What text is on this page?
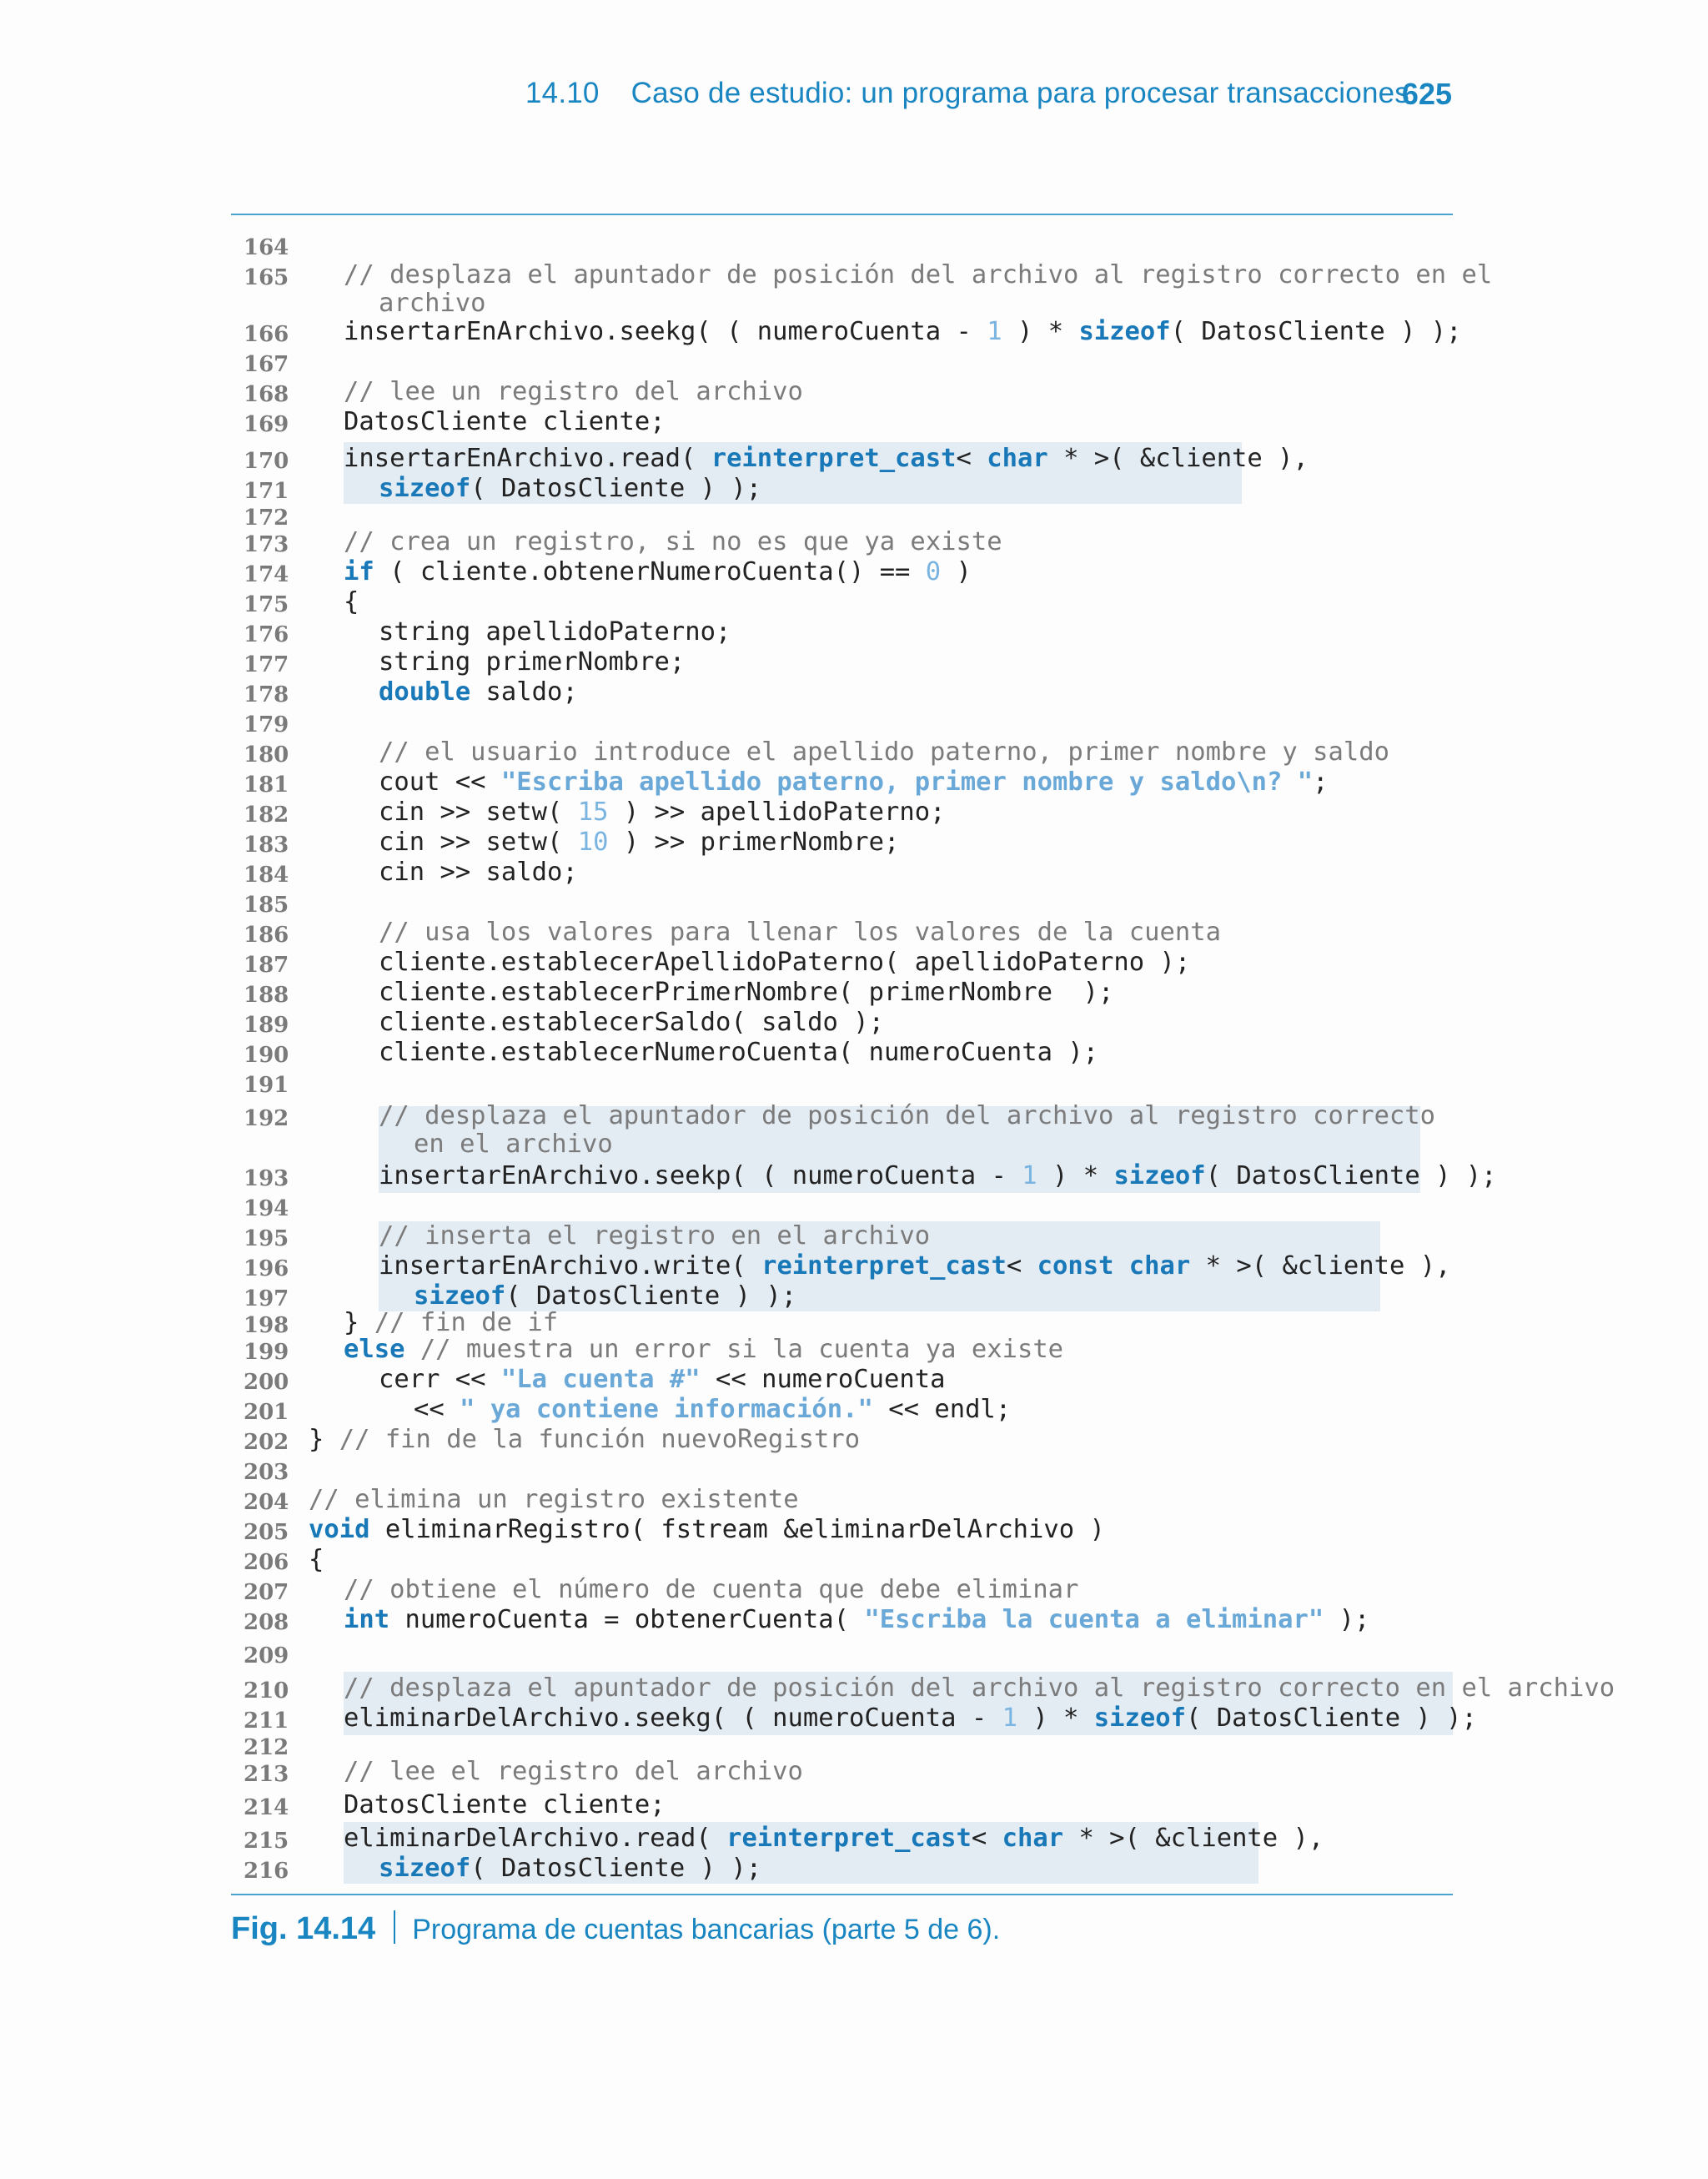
14.10 Caso de estudio: un programa para procesar transacciones
625
164
165 // desplaza el apuntador de posición del archivo al registro correcto en el
archivo
166 insertarEnArchivo.seekg( ( numeroCuenta - 1 ) * sizeof( DatosCliente ) );
167
168 // lee un registro del archivo
169 DatosCliente cliente;
170 insertarEnArchivo.read( reinterpret_cast< char * >( &cliente ),
171	sizeof( DatosCliente ) );
172
173 // crea un registro, si no es que ya existe
174 if ( cliente.obtenerNumeroCuenta() == 0 )
175 {
176	string apellidoPaterno;
177	string primerNombre;
178	double saldo;
179
180	// el usuario introduce el apellido paterno, primer nombre y saldo
181	cout << "Escriba apellido paterno, primer nombre y saldo\n? ";
182	cin >> setw( 15 ) >> apellidoPaterno;
183	cin >> setw( 10 ) >> primerNombre;
184	cin >> saldo;
185
186	// usa los valores para llenar los valores de la cuenta
187	cliente.establecerApellidoPaterno( apellidoPaterno );
188	cliente.establecerPrimerNombre( primerNombre  );
189	cliente.establecerSaldo( saldo );
190	cliente.establecerNumeroCuenta( numeroCuenta );
191
192	// desplaza el apuntador de posición del archivo al registro correcto
en el archivo
193	insertarEnArchivo.seekp( ( numeroCuenta - 1 ) * sizeof( DatosCliente ) );
194
195	// inserta el registro en el archivo
196	insertarEnArchivo.write( reinterpret_cast< const char * >( &cliente ),
197	sizeof( DatosCliente ) );
198 } // fin de if
199 else // muestra un error si la cuenta ya existe
200	cerr << "La cuenta #" << numeroCuenta
201	<< " ya contiene información." << endl;
202 } // fin de la función nuevoRegistro
203
204 // elimina un registro existente
205 void eliminarRegistro( fstream &eliminarDelArchivo )
206 {
207 // obtiene el número de cuenta que debe eliminar
208 int numeroCuenta = obtenerCuenta( "Escriba la cuenta a eliminar" );
209
210 // desplaza el apuntador de posición del archivo al registro correcto en el archivo
211 eliminarDelArchivo.seekg( ( numeroCuenta - 1 ) * sizeof( DatosCliente ) );
212
213 // lee el registro del archivo
214 DatosCliente cliente;
215 eliminarDelArchivo.read( reinterpret_cast< char * >( &cliente ),
216	sizeof( DatosCliente ) );
Fig. 14.14 Programa de cuentas bancarias (parte 5 de 6).
